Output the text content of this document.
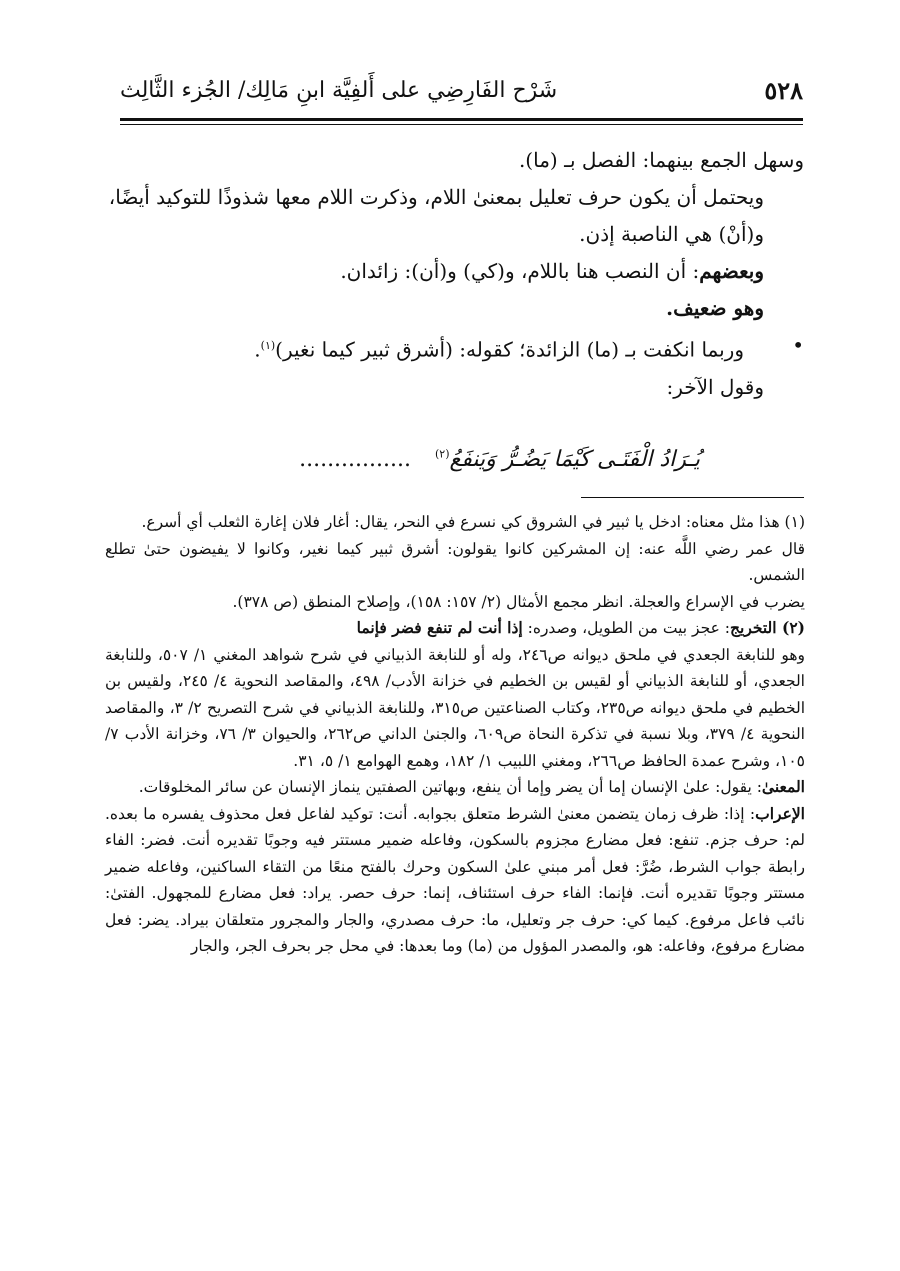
٥٢٨
شَرْح الفَارِضِي على أَلفِيَّة ابنِ مَالِك/ الجُزء الثَّالِث

وسهل الجمع بينهما: الفصل بـ (ما).

ويحتمل أن يكون حرف تعليل بمعنىٰ اللام، وذكرت اللام معها شذوذًا للتوكيد أيضًا، و(أنْ) هي الناصبة إذن.

وبعضهم: أن النصب هنا باللام، و(كي) و(أن): زائدان.

وهو ضعيف.

•
وربما انكفت بـ (ما) الزائدة؛ كقوله: (أشرق ثبير كيما نغير)$^{(١)}$.

وقول الآخر:

يُـرَادُ الْفَتَـى كَيْمَا يَضُـرُّ وَيَنفَعُ$^{(٢)}$................

(١) هذا مثل معناه: ادخل يا ثبير في الشروق كي نسرع في النحر، يقال: أغار فلان إغارة الثعلب أي أسرع.

قال عمر رضي اللَّه عنه: إن المشركين كانوا يقولون: أشرق ثبير كيما نغير، وكانوا لا يفيضون حتىٰ تطلع الشمس.

يضرب في الإسراع والعجلة. انظر مجمع الأمثال (٢/ ١٥٧: ١٥٨)، وإصلاح المنطق (ص ٣٧٨).

(٢) التخريج: عجز بيت من الطويل، وصدره: إذا أنت لم تنفع فضر فإنما

وهو للنابغة الجعدي في ملحق ديوانه ص٢٤٦، وله أو للنابغة الذبياني في شرح شواهد المغني ١/ ٥٠٧، وللنابغة الجعدي، أو للنابغة الذبياني أو لقيس بن الخطيم في خزانة الأدب/ ٤٩٨، والمقاصد النحوية ٤/ ٢٤٥، ولقيس بن الخطيم في ملحق ديوانه ص٢٣٥، وكتاب الصناعتين ص٣١٥، وللنابغة الذبياني في شرح التصريح ٢/ ٣، والمقاصد النحوية ٤/ ٣٧٩، وبلا نسبة في تذكرة النحاة ص٦٠٩، والجنىٰ الداني ص٢٦٢، والحيوان ٣/ ٧٦، وخزانة الأدب ٧/ ١٠٥، وشرح عمدة الحافظ ص٢٦٦، ومغني اللبيب ١/ ١٨٢، وهمع الهوامع ١/ ٥، ٣١.

المعنىٰ: يقول: علىٰ الإنسان إما أن يضر وإما أن ينفع، وبهاتين الصفتين ينماز الإنسان عن سائر المخلوقات.

الإعراب: إذا: ظرف زمان يتضمن معنىٰ الشرط متعلق بجوابه. أنت: توكيد لفاعل فعل محذوف يفسره ما بعده. لم: حرف جزم. تنفع: فعل مضارع مجزوم بالسكون، وفاعله ضمير مستتر فيه وجوبًا تقديره أنت. فضر: الفاء رابطة جواب الشرط، ضُرَّ: فعل أمر مبني علىٰ السكون وحرك بالفتح منعًا من التقاء الساكنين، وفاعله ضمير مستتر وجوبًا تقديره أنت. فإنما: الفاء حرف استئناف، إنما: حرف حصر. يراد: فعل مضارع للمجهول. الفتىٰ: نائب فاعل مرفوع. كيما كي: حرف جر وتعليل، ما: حرف مصدري، والجار والمجرور متعلقان بيراد. يضر: فعل مضارع مرفوع، وفاعله: هو، والمصدر المؤول من (ما) وما بعدها: في محل جر بحرف الجر، والجار
